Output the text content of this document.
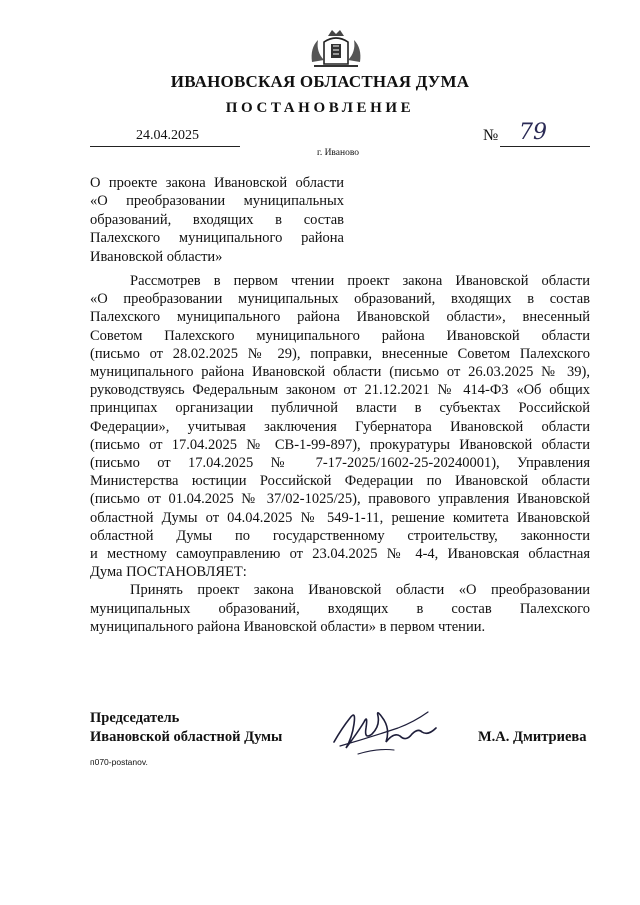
ИВАНОВСКАЯ ОБЛАСТНАЯ ДУМА
ПОСТАНОВЛЕНИЕ
24.04.2025	№ 79
г. Иваново
О проекте закона Ивановской области
«О преобразовании муниципальных
образований, входящих в состав
Палехского муниципального района
Ивановской области»
Рассмотрев в первом чтении проект закона Ивановской области
«О преобразовании муниципальных образований, входящих в состав
Палехского муниципального района Ивановской области», внесенный
Советом Палехского муниципального района Ивановской области
(письмо от 28.02.2025 № 29), поправки, внесенные Советом Палехского
муниципального района Ивановской области (письмо от 26.03.2025 № 39),
руководствуясь Федеральным законом от 21.12.2021 № 414-ФЗ «Об общих
принципах организации публичной власти в субъектах Российской
Федерации», учитывая заключения Губернатора Ивановской области
(письмо от 17.04.2025 № СВ-1-99-897), прокуратуры Ивановской области
(письмо от 17.04.2025 № 7-17-2025/1602-25-20240001), Управления
Министерства юстиции Российской Федерации по Ивановской области
(письмо от 01.04.2025 № 37/02-1025/25), правового управления Ивановской
областной Думы от 04.04.2025 № 549-1-11, решение комитета Ивановской
областной Думы по государственному строительству, законности
и местному самоуправлению от 23.04.2025 № 4-4, Ивановская областная
Дума ПОСТАНОВЛЯЕТ:
Принять проект закона Ивановской области «О преобразовании
муниципальных образований, входящих в состав Палехского
муниципального района Ивановской области» в первом чтении.
Председатель
Ивановской областной Думы	М.А. Дмитриева
п070-postanov.
